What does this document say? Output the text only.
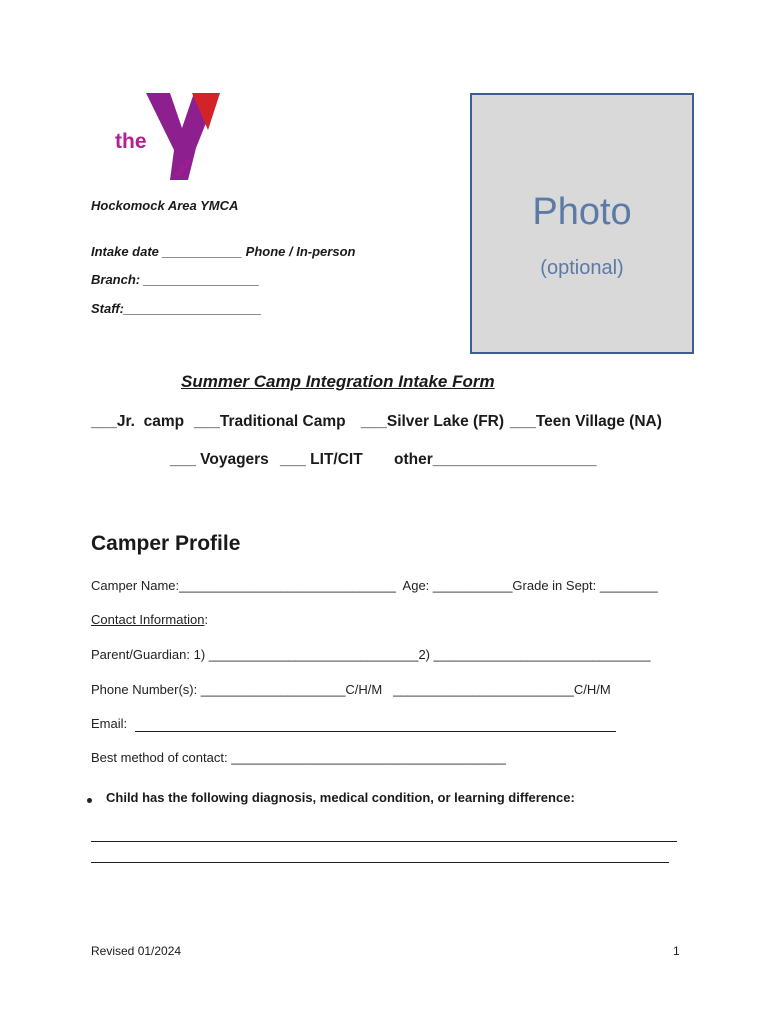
YMCA
the
Hockomock Area YMCA
Intake date ___________ Phone / In-person
Branch: ________________
Staff:___________________
Photo
(optional)
Summer Camp Integration Intake Form
___Jr.  camp ___Traditional Camp ___Silver Lake (FR) ___Teen Village (NA)
___ Voyagers ___ LIT/CIT other___________________
Camper Profile
Camper Name:______________________________  Age: ___________Grade in Sept: ________
Contact Information:
Parent/Guardian: 1) _____________________________2) ______________________________
Phone Number(s): ____________________C/H/M   _________________________C/H/M
Email:
Best method of contact: ______________________________________
Child has the following diagnosis, medical condition, or learning difference:
Revised 01/2024	1
